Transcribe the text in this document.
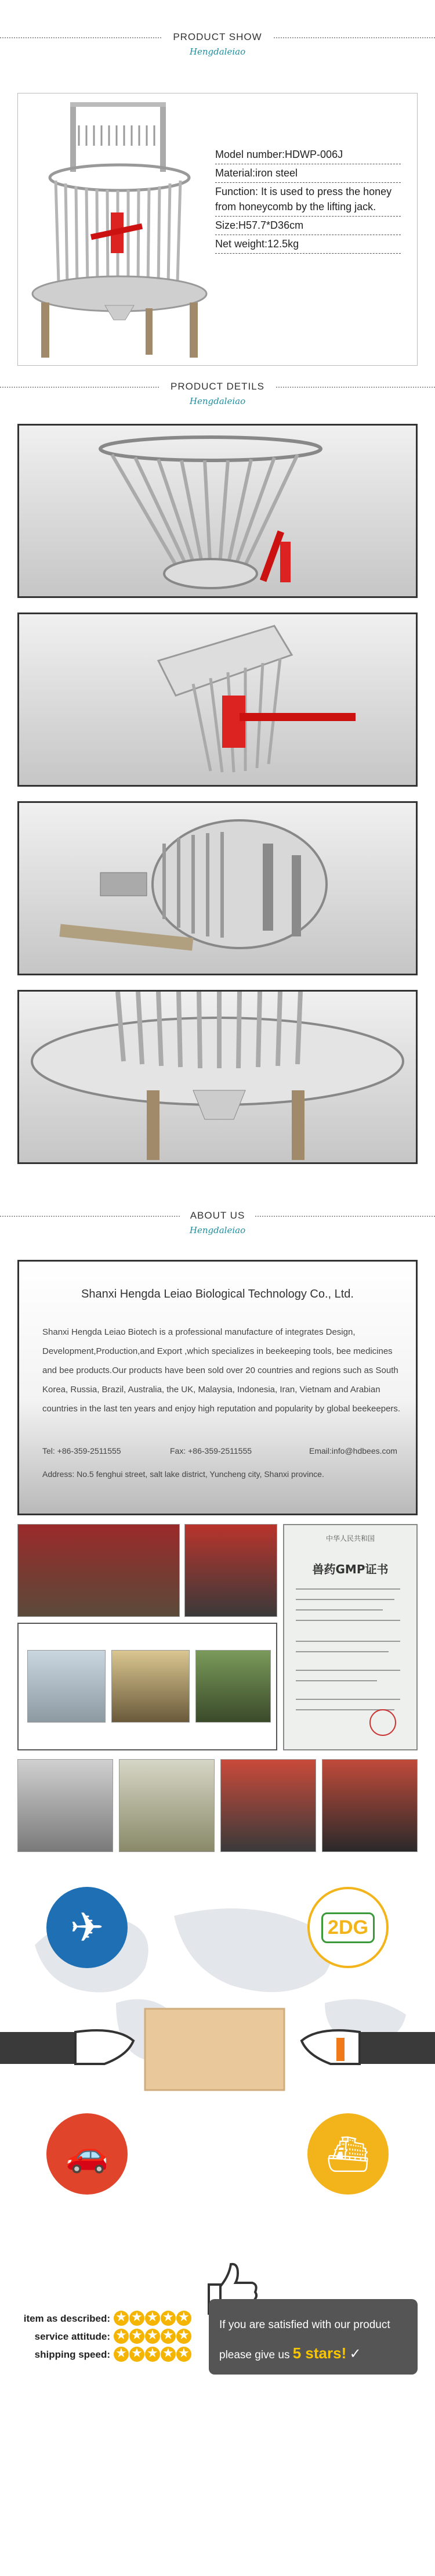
PRODUCT SHOW
Hengdaleiao
Model number:HDWP-006J
Material:iron steel
Function: It is used to press the honey from honeycomb by the lifting jack.
Size:H57.7*D36cm
Net weight:12.5kg
PRODUCT DETILS
Hengdaleiao
ABOUT US
Hengdaleiao
Shanxi Hengda Leiao Biological Technology Co., Ltd.
Shanxi Hengda Leiao Biotech is a professional manufacture of integrates Design, Development,Production,and Export ,which specializes in beekeeping tools, bee medicines and bee products.Our products have been sold over 20 countries and regions such as South Korea, Russia, Brazil, Australia, the UK, Malaysia, Indonesia, Iran, Vietnam and Arabian countries in the last ten years and enjoy high reputation and popularity by global beekeepers.
Tel: +86-359-2511555	Fax: +86-359-2511555	Email:info@hdbees.com
Address: No.5 fenghui street, salt lake district, Yuncheng city, Shanxi province.
中华人民共和国
兽药GMP证书
✈	2DG
🚗	⛴
item as described:
★★★★★
service attitude:
★★★★★
shipping speed:
★★★★★
If you are satisfied with our product
please give us 5 stars! ✓
